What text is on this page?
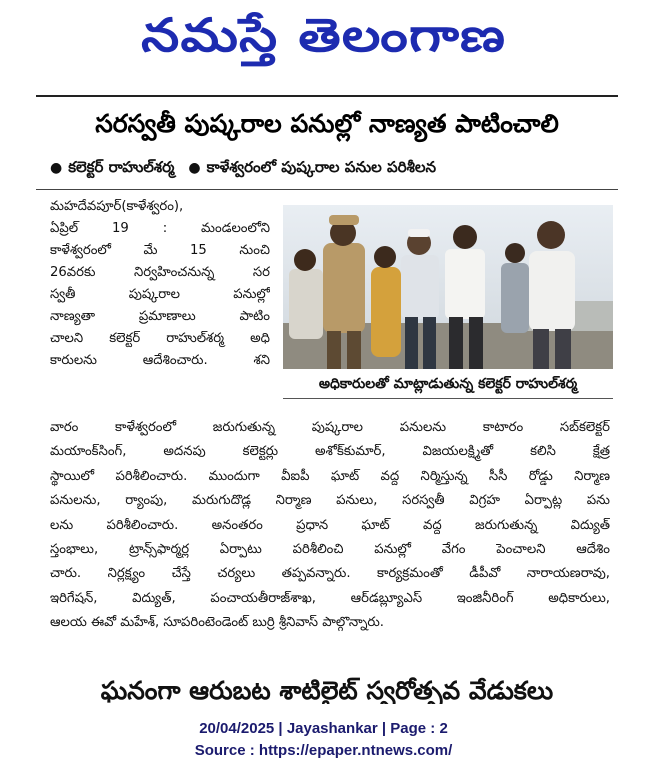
నమస్తే తెలంగాణ
సరస్వతీ పుష్కరాల పనుల్లో నాణ్యత పాటించాలి
● కలెక్టర్ రాహుల్‌శర్మ ● కాళేశ్వరంలో పుష్కరాల పనుల పరిశీలన
మహదేవపూర్(కాళేశ్వరం),
ఏప్రిల్ 19 : మండలంలోని
కాళేశ్వరంలో మే 15 నుంచి
26వరకు నిర్వహించనున్న సర
స్వతీ పుష్కరాల పనుల్లో
నాణ్యతా ప్రమాణాలు పాటిం
చాలని కలెక్టర్ రాహుల్‌శర్మ అధి
కారులను ఆదేశించారు. శని
అధికారులతో మాట్లాడుతున్న కలెక్టర్ రాహుల్‌శర్మ
వారం కాళేశ్వరంలో జరుగుతున్న పుష్కరాల పనులను కాటారం సబ్‌కలెక్టర్
మయాంక్‌సింగ్, అదనపు కలెక్టర్లు అశోక్‌కుమార్, విజయలక్ష్మితో కలిసి క్షేత్ర
స్థాయిలో పరిశీలించారు. ముందుగా వీఐపీ ఘాట్ వద్ద నిర్మిస్తున్న సీసీ రోడ్డు నిర్మాణ
పనులను, ర్యాంపు, మరుగుదొడ్ల నిర్మాణ పనులు, సరస్వతీ విగ్రహ ఏర్పాట్ల పను
లను పరిశీలించారు. అనంతరం ప్రధాన ఘాట్ వద్ద జరుగుతున్న విద్యుత్
స్తంభాలు, ట్రాన్స్‌ఫార్మర్ల ఏర్పాటు పరిశీలించి పనుల్లో వేగం పెంచాలని ఆదేశిం
చారు. నిర్లక్ష్యం చేస్తే చర్యలు తప్పవన్నారు. కార్యక్రమంతో డీపీవో నారాయణరావు,
ఇరిగేషన్, విద్యుత్, పంచాయతీరాజ్‌శాఖ, ఆర్‌డబ్ల్యూఎస్ ఇంజినీరింగ్ అధికారులు,
ఆలయ ఈవో మహేశ్, సూపరింటెండెంట్ బుర్రి శ్రీనివాస్ పాల్గొన్నారు.
ఘనంగా ఆరుబట శాటిలైట్ స్వరోత్సవ వేడుకలు
20/04/2025 | Jayashankar | Page : 2
Source : https://epaper.ntnews.com/
